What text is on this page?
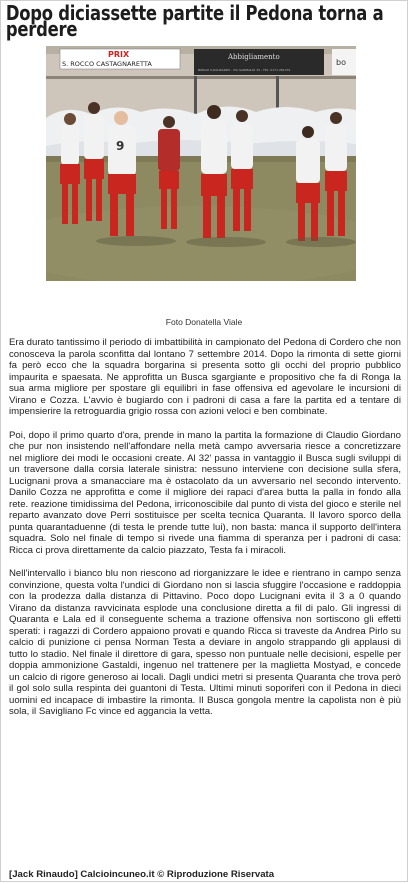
Dopo diciassette partite il Pedona torna a perdere
PRIX
S. ROCCO CASTAGNARETTA
Abbigliamento
BORGO S.DALMAZZO - VIA GARIBALDI 33 - TEL. 0171 261331
bo
9
Foto Donatella Viale

Era durato tantissimo il periodo di imbattibilità in campionato del Pedona di Cordero che non conosceva la parola sconfitta dal lontano 7 settembre 2014. Dopo la rimonta di sette giorni fa però ecco che la squadra borgarina si presenta sotto gli occhi del proprio pubblico impaurita e spaesata. Ne approfitta un Busca sgargiante e propositivo che fa di Ronga la sua arma migliore per spostare gli equilibri in fase offensiva ed agevolare le incursioni di Virano e Cozza. L'avvio è bugiardo con i padroni di casa a fare la partita ed a tentare di impensierire la retroguardia grigio rossa con azioni veloci e ben combinate.

Poi, dopo il primo quarto d'ora, prende in mano la partita la formazione di Claudio Giordano che pur non insistendo nell'affondare nella metà campo avversaria riesce a concretizzare nel migliore dei modi le occasioni create. Al 32' passa in vantaggio il Busca sugli sviluppi di un traversone dalla corsia laterale sinistra: nessuno interviene con decisione sulla sfera, Lucignani prova a smanacciare ma è ostacolato da un avversario nel secondo intervento. Danilo Cozza ne approfitta e come il migliore dei rapaci d'area butta la palla in fondo alla rete. reazione timidissima del Pedona, irriconoscibile dal punto di vista del gioco e sterile nel reparto avanzato dove Perri sostituisce per scelta tecnica Quaranta. Il lavoro sporco della punta quarantaduenne (di testa le prende tutte lui), non basta: manca il supporto dell'intera squadra. Solo nel finale di tempo si rivede una fiamma di speranza per i padroni di casa: Ricca ci prova direttamente da calcio piazzato, Testa fa i miracoli.

Nell'intervallo i bianco blu non riescono ad riorganizzare le idee e rientrano in campo senza convinzione, questa volta l'undici di Giordano non si lascia sfuggire l'occasione e raddoppia con la prodezza dalla distanza di Pittavino. Poco dopo Lucignani evita il 3 a 0 quando Virano da distanza ravvicinata esplode una conclusione diretta a fil di palo. Gli ingressi di Quaranta e Lala ed il conseguente schema a trazione offensiva non sortiscono gli effetti sperati: i ragazzi di Cordero appaiono provati e quando Ricca si traveste da Andrea Pirlo su calcio di punizione ci pensa Norman Testa a deviare in angolo strappando gli applausi di tutto lo stadio. Nel finale il direttore di gara, spesso non puntuale nelle decisioni, espelle per doppia ammonizione Gastaldi, ingenuo nel trattenere per la maglietta Mostyad, e concede un calcio di rigore generoso ai locali. Dagli undici metri si presenta Quaranta che trova però il gol solo sulla respinta dei guantoni di Testa. Ultimi minuti soporiferi con il Pedona in dieci uomini ed incapace di imbastire la rimonta. Il Busca gongola mentre la capolista non è più sola, il Savigliano Fc vince ed aggancia la vetta.

[Jack Rinaudo] Calcioincuneo.it © Riproduzione Riservata
